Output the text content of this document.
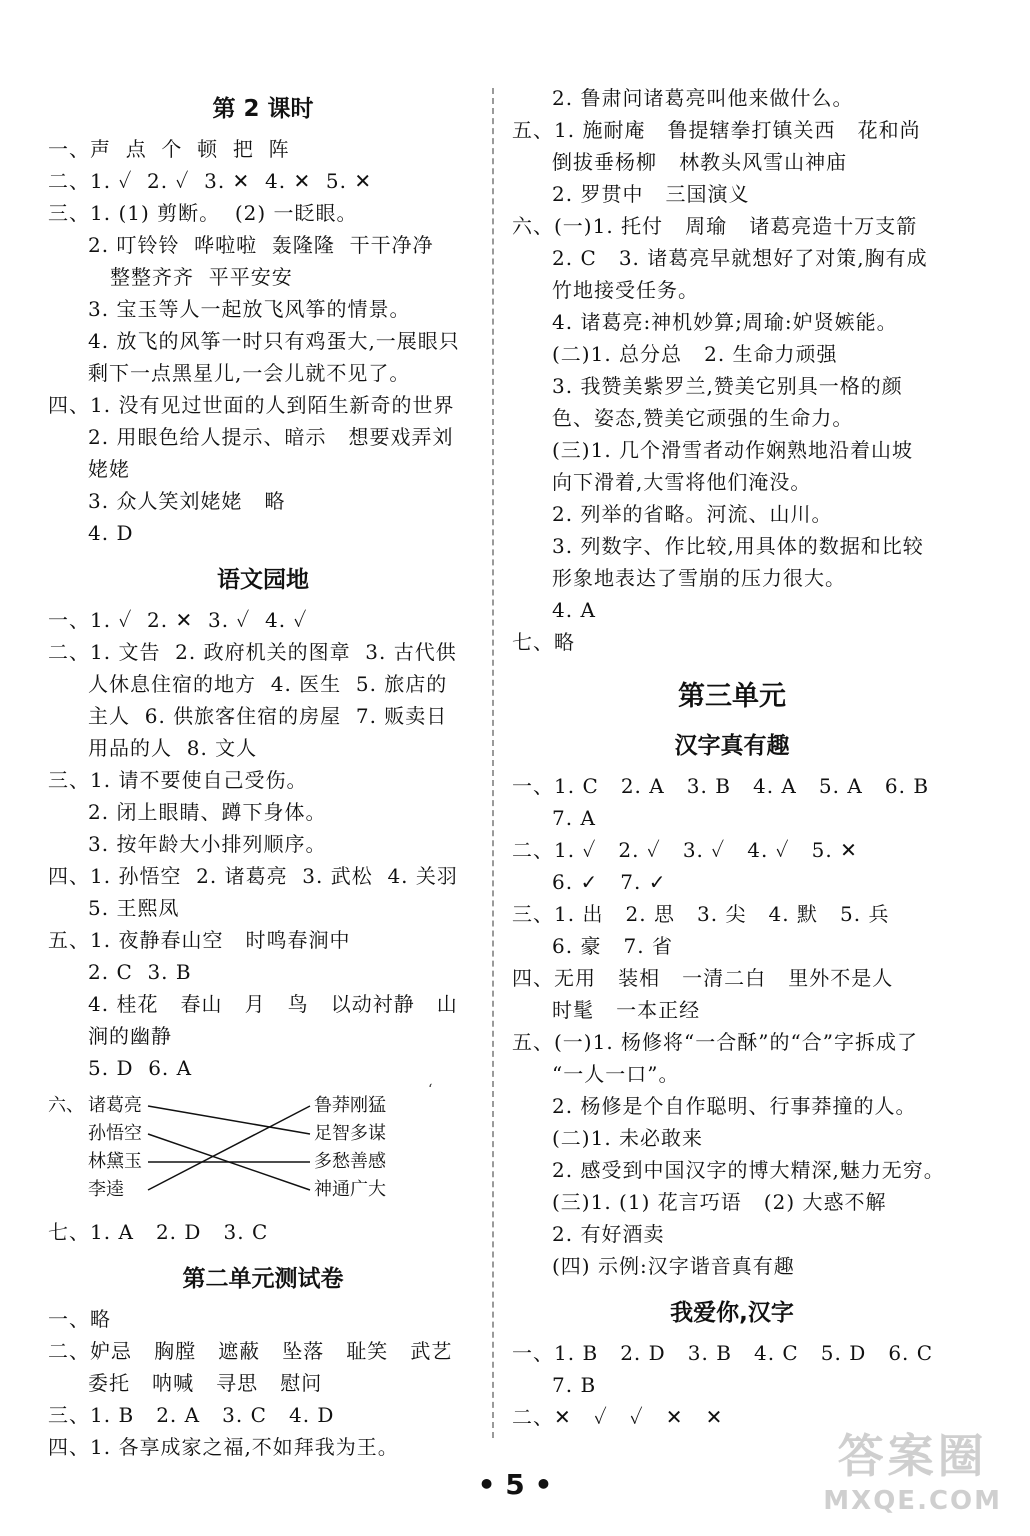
第 2 课时
一、声  点  个  顿  把  阵
二、1. ✓  2. ✓  3. ✕  4. ✕  5. ✕
三、1. (1) 剪断。  (2) 一眨眼。
2. 叮铃铃  哗啦啦  轰隆隆  干干净净
整整齐齐  平平安安
3. 宝玉等人一起放飞风筝的情景。
4. 放飞的风筝一时只有鸡蛋大,一展眼只
剩下一点黑星儿,一会儿就不见了。
四、1. 没有见过世面的人到陌生新奇的世界
2. 用眼色给人提示、暗示   想要戏弄刘
姥姥
3. 众人笑刘姥姥   略
4. D
语文园地
一、1. ✓  2. ✕  3. ✓  4. ✓
二、1. 文告  2. 政府机关的图章  3. 古代供
人休息住宿的地方  4. 医生  5. 旅店的
主人  6. 供旅客住宿的房屋  7. 贩卖日
用品的人  8. 文人
三、1. 请不要使自己受伤。
2. 闭上眼睛、蹲下身体。
3. 按年龄大小排列顺序。
四、1. 孙悟空  2. 诸葛亮  3. 武松  4. 关羽
5. 王熙凤
五、1. 夜静春山空   时鸣春涧中
2. C  3. B
4. 桂花   春山   月   鸟   以动衬静   山
涧的幽静
5. D  6. A
六、 诸葛亮
孙悟空
林黛玉
李逵
鲁莽刚猛
足智多谋
多愁善感
神通广大
七、1. A   2. D   3. C
第二单元测试卷
一、略
二、妒忌   胸膛   遮蔽   坠落   耻笑   武艺
委托   呐喊   寻思   慰问
三、1. B   2. A   3. C   4. D
四、1. 各享成家之福,不如拜我为王。
‘
2. 鲁肃问诸葛亮叫他来做什么。
五、1. 施耐庵   鲁提辖拳打镇关西   花和尚
倒拔垂杨柳   林教头风雪山神庙
2. 罗贯中   三国演义
六、(一)1. 托付   周瑜   诸葛亮造十万支箭
2. C   3. 诸葛亮早就想好了对策,胸有成
竹地接受任务。
4. 诸葛亮:神机妙算;周瑜:妒贤嫉能。
(二)1. 总分总   2. 生命力顽强
3. 我赞美紫罗兰,赞美它别具一格的颜
色、姿态,赞美它顽强的生命力。
(三)1. 几个滑雪者动作娴熟地沿着山坡
向下滑着,大雪将他们淹没。
2. 列举的省略。河流、山川。
3. 列数字、作比较,用具体的数据和比较
形象地表达了雪崩的压力很大。
4. A
七、略
第三单元
汉字真有趣
一、1. C   2. A   3. B   4. A   5. A   6. B
7. A
二、1. ✓   2. ✓   3. ✓   4. ✓   5. ✕
6. ✓   7. ✓
三、1. 出   2. 思   3. 尖   4. 默   5. 兵
6. 豪   7. 省
四、无用   装相   一清二白   里外不是人
时髦   一本正经
五、(一)1. 杨修将“一合酥”的“合”字拆成了
“一人一口”。
2. 杨修是个自作聪明、行事莽撞的人。
(二)1. 未必敢来
2. 感受到中国汉字的博大精深,魅力无穷。
(三)1. (1) 花言巧语   (2) 大惑不解
2. 有好酒卖
(四) 示例:汉字谐音真有趣
我爱你,汉字
一、1. B   2. D   3. B   4. C   5. D   6. C
7. B
二、✕   ✓   ✓   ✕   ✕
• 5 •
答案圈
MXQE.COM
